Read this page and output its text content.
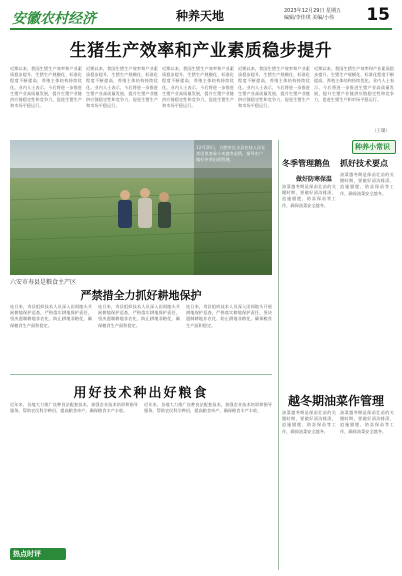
安徽农村经济	种养天地	2023年12月29日 星期五
编辑/李佳琪 美编/小伟	15
生猪生产效率和产业素质稳步提升
近期以来，我国生猪生产效率和产业素质稳步提升，生猪生产规模化、标准化程度不断提高，养殖主体结构持续优化。业内人士表示，今后将进一步推进生猪产业高质量发展，提升生猪产业链供应链稳定性和竞争力，促进生猪生产和市场平稳运行。
近期以来，我国生猪生产效率和产业素质稳步提升，生猪生产规模化、标准化程度不断提高，养殖主体结构持续优化。业内人士表示，今后将进一步推进生猪产业高质量发展，提升生猪产业链供应链稳定性和竞争力，促进生猪生产和市场平稳运行。
近期以来，我国生猪生产效率和产业素质稳步提升，生猪生产规模化、标准化程度不断提高，养殖主体结构持续优化。业内人士表示，今后将进一步推进生猪产业高质量发展，提升生猪产业链供应链稳定性和竞争力，促进生猪生产和市场平稳运行。
近期以来，我国生猪生产效率和产业素质稳步提升，生猪生产规模化、标准化程度不断提高，养殖主体结构持续优化。业内人士表示，今后将进一步推进生猪产业高质量发展，提升生猪产业链供应链稳定性和竞争力，促进生猪生产和市场平稳运行。
近期以来，我国生猪生产效率和产业素质稳步提升，生猪生产规模化、标准化程度不断提高，养殖主体结构持续优化。业内人士表示，今后将进一步推进生猪产业高质量发展，提升生猪产业链供应链稳定性和竞争力，促进生猪生产和市场平稳运行。
（王璐）
12月26日，合肥市长丰县农技人员在麦田里查看小麦越冬苗情，指导农户做好冬季田间管理。
六安市寿县是粮食主产区
严禁措全力抓好耕地保护
连日来，寿县组织技术人员深入田间地头开展耕地保护巡查，严格落实耕地保护责任，坚决遏制耕地非农化、防止耕地非粮化，确保粮食生产面积稳定。
连日来，寿县组织技术人员深入田间地头开展耕地保护巡查，严格落实耕地保护责任，坚决遏制耕地非农化、防止耕地非粮化，确保粮食生产面积稳定。
连日来，寿县组织技术人员深入田间地头开展耕地保护巡查，严格落实耕地保护责任，坚决遏制耕地非农化、防止耕地非粮化，确保粮食生产面积稳定。
用好技术种出好粮食
近年来，各地大力推广良种良法配套技术，加强农业技术培训和指导服务，帮助农民科学种田，提高粮食单产，确保粮食丰产丰收。
近年来，各地大力推广良种良法配套技术，加强农业技术培训和指导服务，帮助农民科学种田，提高粮食单产，确保粮食丰产丰收。
种养小常识
冬季管理鹅鱼
做好防寒保温
抓好技术要点
油菜越冬期是保苗壮苗的关键时期，要做好清沟排渍、追施腊肥、防冻保苗等工作，确保油菜安全越冬。
油菜越冬期是保苗壮苗的关键时期，要做好清沟排渍、追施腊肥、防冻保苗等工作，确保油菜安全越冬。
越冬期油菜作管理
油菜越冬期是保苗壮苗的关键时期，要做好清沟排渍、追施腊肥、防冻保苗等工作，确保油菜安全越冬。
油菜越冬期是保苗壮苗的关键时期，要做好清沟排渍、追施腊肥、防冻保苗等工作，确保油菜安全越冬。
热点时评
